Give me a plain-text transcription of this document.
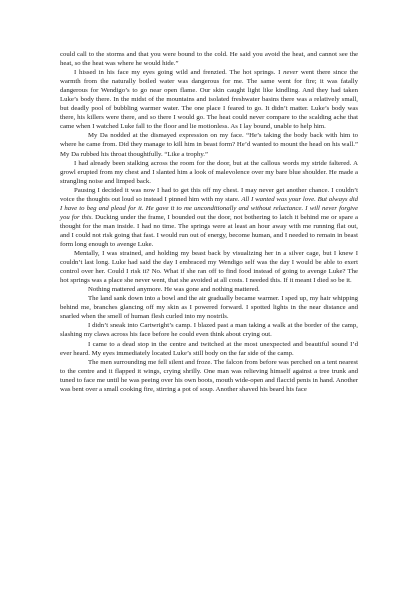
could call to the storms and that you were bound to the cold. He said you avoid the heat, and cannot see the heat, so the heat was where he would hide.”

I hissed in his face my eyes going wild and frenzied. The hot springs. I never went there since the warmth from the naturally boiled water was dangerous for me. The same went for fire; it was fatally dangerous for Wendigo’s to go near open flame. Our skin caught light like kindling. And they had taken Luke’s body there. In the midst of the mountains and isolated freshwater basins there was a relatively small, but deadly pool of bubbling warmer water. The one place I feared to go. It didn’t matter. Luke’s body was there, his killers were there, and so there I would go. The heat could never compare to the scalding ache that came when I watched Luke fall to the floor and lie motionless. As I lay bound, unable to help him.

My Da nodded at the dismayed expression on my face. “He’s taking the body back with him to where he came from. Did they manage to kill him in beast form? He’d wanted to mount the head on his wall.” My Da rubbed his throat thoughtfully. “Like a trophy.”

I had already been stalking across the room for the door, but at the callous words my stride faltered. A growl erupted from my chest and I slanted him a look of malevolence over my bare blue shoulder. He made a strangling noise and limped back.

Pausing I decided it was now I had to get this off my chest. I may never get another chance. I couldn’t voice the thoughts out loud so instead I pinned him with my stare. All I wanted was your love. But always did I have to beg and plead for it. He gave it to me unconditionally and without reluctance. I will never forgive you for this. Ducking under the frame, I bounded out the door, not bothering to latch it behind me or spare a thought for the man inside. I had no time. The springs were at least an hour away with me running flat out, and I could not risk going that fast. I would run out of energy, become human, and I needed to remain in beast form long enough to avenge Luke.

Mentally, I was strained, and holding my beast back by visualizing her in a silver cage, but I knew I couldn’t last long. Luke had said the day I embraced my Wendigo self was the day I would be able to exert control over her. Could I risk it? No. What if she ran off to find food instead of going to avenge Luke? The hot springs was a place she never went, that she avoided at all costs. I needed this. If it meant I died so be it.

Nothing mattered anymore. He was gone and nothing mattered.

The land sank down into a bowl and the air gradually became warmer. I sped up, my hair whipping behind me, branches glancing off my skin as I powered forward. I spotted lights in the near distance and snarled when the smell of human flesh curled into my nostrils.

I didn’t sneak into Cartwright’s camp. I blazed past a man taking a walk at the border of the camp, slashing my claws across his face before he could even think about crying out.

I came to a dead stop in the centre and twitched at the most unexpected and beautiful sound I’d ever heard. My eyes immediately located Luke’s still body on the far side of the camp.

The men surrounding me fell silent and froze. The falcon from before was perched on a tent nearest to the centre and it flapped it wings, crying shrilly. One man was relieving himself against a tree trunk and tuned to face me until he was peeing over his own boots, mouth wide-open and flaccid penis in hand. Another was bent over a small cooking fire, stirring a pot of soup. Another shaved his beard his face
